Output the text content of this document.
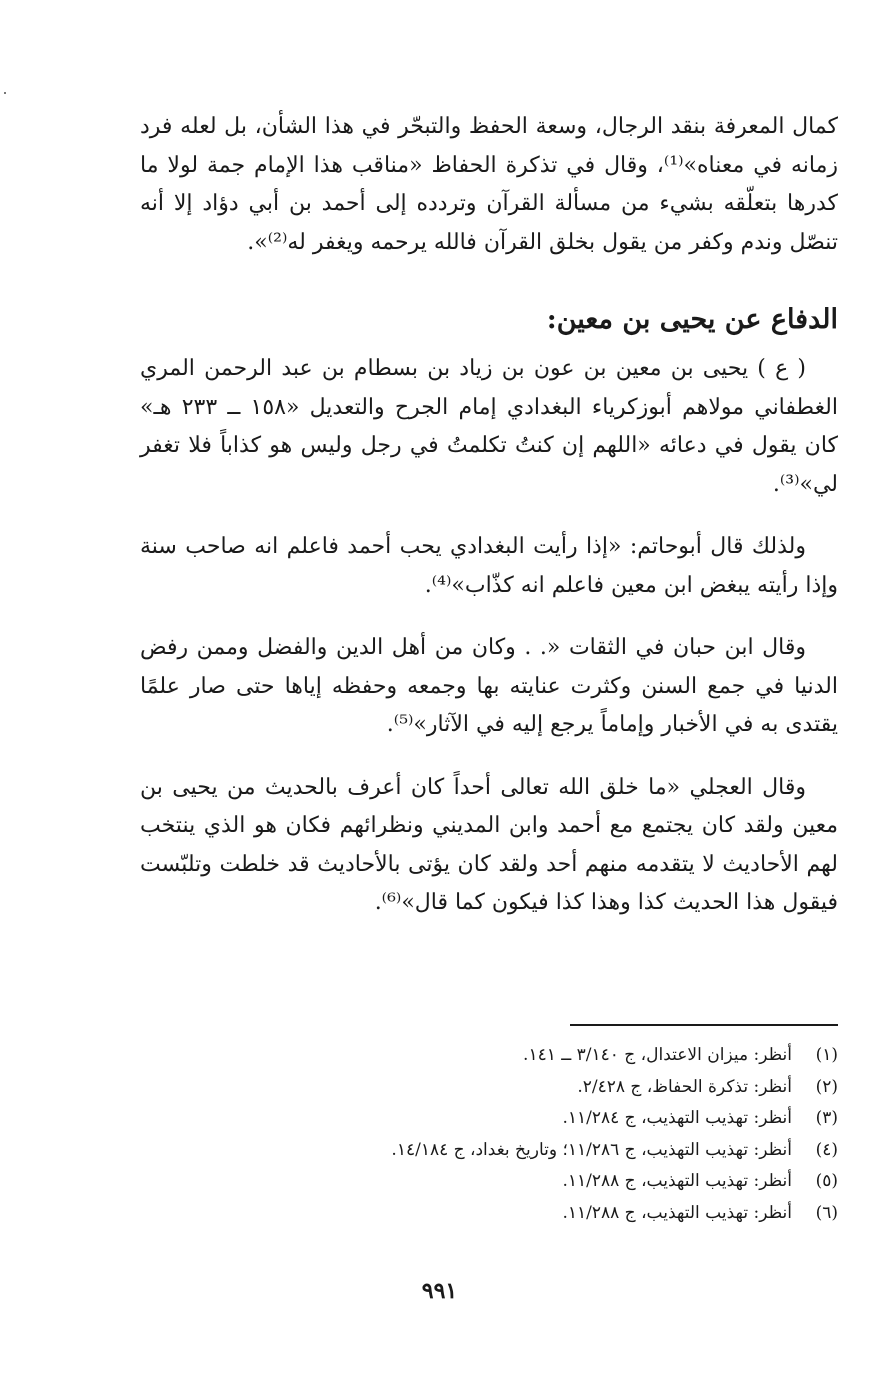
كمال المعرفة بنقد الرجال، وسعة الحفظ والتبحّر في هذا الشأن، بل لعله فرد زمانه في معناه»⁽¹⁾، وقال في تذكرة الحفاظ «مناقب هذا الإمام جمة لولا ما كدرها بتعلّقه بشيء من مسألة القرآن وتردده إلى أحمد بن أبي دؤاد إلا أنه تنصّل وندم وكفر من يقول بخلق القرآن فالله يرحمه ويغفر له⁽²⁾».

الدفاع عن يحيى بن معين:

( ع ) يحيى بن معين بن عون بن زياد بن بسطام بن عبد الرحمن المري الغطفاني مولاهم أبوزكرياء البغدادي إمام الجرح والتعديل «١٥٨ ــ ٢٣٣ هـ» كان يقول في دعائه «اللهم إن كنتُ تكلمتُ في رجل وليس هو كذاباً فلا تغفر لي»⁽³⁾.

ولذلك قال أبوحاتم: «إذا رأيت البغدادي يحب أحمد فاعلم انه صاحب سنة وإذا رأيته يبغض ابن معين فاعلم انه كذّاب»⁽⁴⁾.

وقال ابن حبان في الثقات «. . وكان من أهل الدين والفضل وممن رفض الدنيا في جمع السنن وكثرت عنايته بها وجمعه وحفظه إياها حتى صار علمًا يقتدى به في الأخبار وإماماً يرجع إليه في الآثار»⁽⁵⁾.

وقال العجلي «ما خلق الله تعالى أحداً كان أعرف بالحديث من يحيى بن معين ولقد كان يجتمع مع أحمد وابن المديني ونظرائهم فكان هو الذي ينتخب لهم الأحاديث لا يتقدمه منهم أحد ولقد كان يؤتى بالأحاديث قد خلطت وتلبّست فيقول هذا الحديث كذا وهذا كذا فيكون كما قال»⁽⁶⁾.

(١)أنظر: ميزان الاعتدال، ج ٣/١٤٠ ــ ١٤١.
(٢)أنظر: تذكرة الحفاظ، ج ٢/٤٢٨.
(٣)أنظر: تهذيب التهذيب، ج ١١/٢٨٤.
(٤)أنظر: تهذيب التهذيب، ج ١١/٢٨٦؛ وتاريخ بغداد، ج ١٤/١٨٤.
(٥)أنظر: تهذيب التهذيب، ج ١١/٢٨٨.
(٦)أنظر: تهذيب التهذيب، ج ١١/٢٨٨.
٩٩١
